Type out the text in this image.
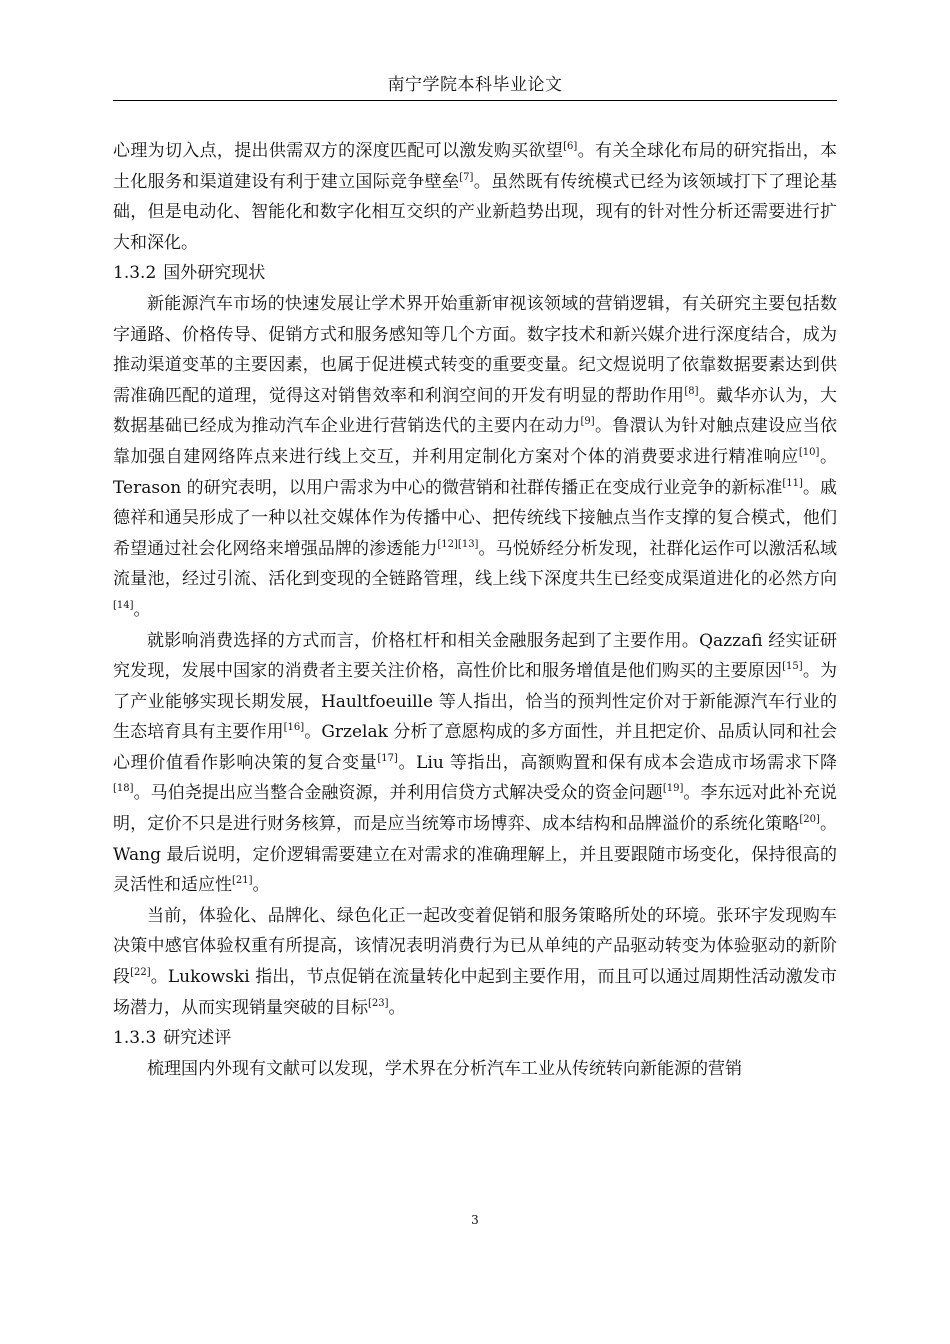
南宁学院本科毕业论文

心理为切入点，提出供需双方的深度匹配可以激发购买欲望[6]。有关全球化布局的研究指出，本土化服务和渠道建设有利于建立国际竞争壁垒[7]。虽然既有传统模式已经为该领域打下了理论基础，但是电动化、智能化和数字化相互交织的产业新趋势出现，现有的针对性分析还需要进行扩大和深化。

1.3.2 国外研究现状

新能源汽车市场的快速发展让学术界开始重新审视该领域的营销逻辑，有关研究主要包括数字通路、价格传导、促销方式和服务感知等几个方面。数字技术和新兴媒介进行深度结合，成为推动渠道变革的主要因素，也属于促进模式转变的重要变量。纪文煜说明了依靠数据要素达到供需准确匹配的道理，觉得这对销售效率和利润空间的开发有明显的帮助作用[8]。戴华亦认为，大数据基础已经成为推动汽车企业进行营销迭代的主要内在动力[9]。鲁澴认为针对触点建设应当依靠加强自建网络阵点来进行线上交互，并利用定制化方案对个体的消费要求进行精准响应[10]。Terason 的研究表明，以用户需求为中心的微营销和社群传播正在变成行业竞争的新标准[11]。戚德祥和通吴形成了一种以社交媒体作为传播中心、把传统线下接触点当作支撑的复合模式，他们希望通过社会化网络来增强品牌的渗透能力[12][13]。马悦娇经分析发现，社群化运作可以激活私域流量池，经过引流、活化到变现的全链路管理，线上线下深度共生已经变成渠道进化的必然方向[14]。

就影响消费选择的方式而言，价格杠杆和相关金融服务起到了主要作用。Qazzafi 经实证研究发现，发展中国家的消费者主要关注价格，高性价比和服务增值是他们购买的主要原因[15]。为了产业能够实现长期发展，Haultfoeuille 等人指出，恰当的预判性定价对于新能源汽车行业的生态培育具有主要作用[16]。Grzelak 分析了意愿构成的多方面性，并且把定价、品质认同和社会心理价值看作影响决策的复合变量[17]。Liu 等指出，高额购置和保有成本会造成市场需求下降[18]。马伯尧提出应当整合金融资源，并利用信贷方式解决受众的资金问题[19]。李东远对此补充说明，定价不只是进行财务核算，而是应当统筹市场博弈、成本结构和品牌溢价的系统化策略[20]。Wang 最后说明，定价逻辑需要建立在对需求的准确理解上，并且要跟随市场变化，保持很高的灵活性和适应性[21]。

当前，体验化、品牌化、绿色化正一起改变着促销和服务策略所处的环境。张环宇发现购车决策中感官体验权重有所提高，该情况表明消费行为已从单纯的产品驱动转变为体验驱动的新阶段[22]。Lukowski 指出，节点促销在流量转化中起到主要作用，而且可以通过周期性活动激发市场潜力，从而实现销量突破的目标[23]。

1.3.3 研究述评

梳理国内外现有文献可以发现，学术界在分析汽车工业从传统转向新能源的营销

3
